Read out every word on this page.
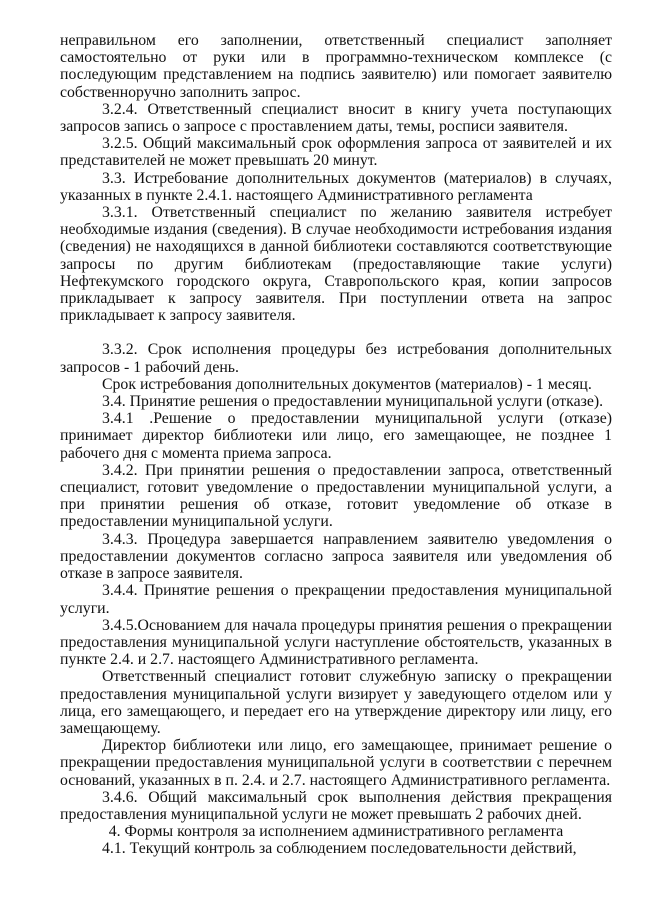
неправильном его заполнении, ответственный специалист заполняет самостоятельно от руки или в программно-техническом комплексе (с последующим представлением на подпись заявителю) или помогает заявителю собственноручно заполнить запрос.

3.2.4. Ответственный специалист вносит в книгу учета поступающих запросов запись о запросе с проставлением даты, темы, росписи заявителя.

3.2.5. Общий максимальный срок оформления запроса от заявителей и их представителей не может превышать 20 минут.

3.3. Истребование дополнительных документов (материалов) в случаях, указанных в пункте 2.4.1. настоящего Административного регламента

3.3.1. Ответственный специалист по желанию заявителя истребует необходимые издания (сведения). В случае необходимости истребования издания (сведения) не находящихся в данной библиотеки составляются соответствующие запросы по другим библиотекам (предоставляющие такие услуги) Нефтекумского городского округа, Ставропольского края, копии запросов прикладывает к запросу заявителя. При поступлении ответа на запрос прикладывает к запросу заявителя.

3.3.2. Срок исполнения процедуры без истребования дополнительных запросов - 1 рабочий день.

Срок истребования дополнительных документов (материалов) - 1 месяц.

3.4. Принятие решения о предоставлении муниципальной услуги (отказе).

3.4.1 .Решение о предоставлении муниципальной услуги (отказе) принимает директор библиотеки или лицо, его замещающее, не позднее 1 рабочего дня с момента приема запроса.

3.4.2. При принятии решения о предоставлении запроса, ответственный специалист, готовит уведомление о предоставлении муниципальной услуги, а при принятии решения об отказе, готовит уведомление об отказе в предоставлении муниципальной услуги.

3.4.3. Процедура завершается направлением заявителю уведомления о предоставлении документов согласно запроса заявителя или уведомления об отказе в запросе заявителя.

3.4.4. Принятие решения о прекращении предоставления муниципальной услуги.

3.4.5.Основанием для начала процедуры принятия решения о прекращении предоставления муниципальной услуги наступление обстоятельств, указанных в пункте 2.4. и 2.7. настоящего Административного регламента.

Ответственный специалист готовит служебную записку о прекращении предоставления муниципальной услуги визирует у заведующего отделом или у лица, его замещающего, и передает его на утверждение директору или лицу, его замещающему.

Директор библиотеки или лицо, его замещающее, принимает решение о прекращении предоставления муниципальной услуги в соответствии с перечнем оснований, указанных в п. 2.4. и 2.7. настоящего Административного регламента.

3.4.6. Общий максимальный срок выполнения действия прекращения предоставления муниципальной услуги не может превышать 2 рабочих дней.

4. Формы контроля за исполнением административного регламента

4.1. Текущий контроль за соблюдением последовательности действий,
